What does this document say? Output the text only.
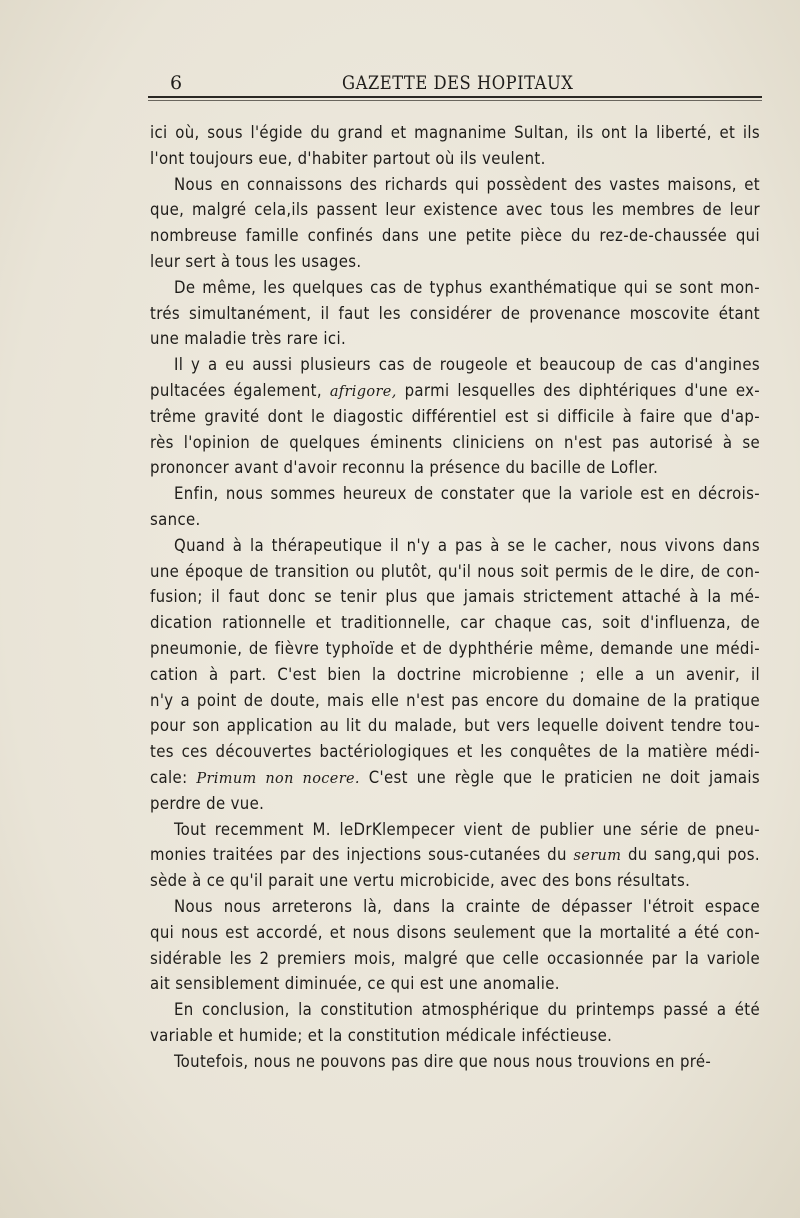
6	GAZETTE DES HOPITAUX
ici où, sous l'égide du grand et magnanime Sultan, ils ont la liberté, et ils
l'ont toujours eue, d'habiter partout où ils veulent.
Nous en connaissons des richards qui possèdent des vastes maisons, et
que, malgré cela,ils passent leur existence avec tous les membres de leur
nombreuse famille confinés dans une petite pièce du rez-de-chaussée qui
leur sert à tous les usages.
De même, les quelques cas de typhus exanthématique qui se sont mon-
trés simultanément, il faut les considérer de provenance moscovite étant
une maladie très rare ici.
Il y a eu aussi plusieurs cas de rougeole et beaucoup de cas d'angines
pultacées également, afrigore, parmi lesquelles des diphtériques d'une ex-
trême gravité dont le diagostic différentiel est si difficile à faire que d'ap-
rès l'opinion de quelques éminents cliniciens on n'est pas autorisé à se
prononcer avant d'avoir reconnu la présence du bacille de Lofler.
Enfin, nous sommes heureux de constater que la variole est en décrois-
sance.
Quand à la thérapeutique il n'y a pas à se le cacher, nous vivons dans
une époque de transition ou plutôt, qu'il nous soit permis de le dire, de con-
fusion; il faut donc se tenir plus que jamais strictement attaché à la mé-
dication rationnelle et traditionnelle, car chaque cas, soit d'influenza, de
pneumonie, de fièvre typhoïde et de dyphthérie même, demande une médi-
cation à part. C'est bien la doctrine microbienne ; elle a un avenir, il
n'y a point de doute, mais elle n'est pas encore du domaine de la pratique
pour son application au lit du malade, but vers lequelle doivent tendre tou-
tes ces découvertes bactériologiques et les conquêtes de la matière médi-
cale: Primum non nocere. C'est une règle que le praticien ne doit jamais
perdre de vue.
Tout recemment M. leDrKlempecer vient de publier une série de pneu-
monies traitées par des injections sous-cutanées du serum du sang,qui pos.
sède à ce qu'il parait une vertu microbicide, avec des bons résultats.
Nous nous arreterons là, dans la crainte de dépasser l'étroit espace
qui nous est accordé, et nous disons seulement que la mortalité a été con-
sidérable les 2 premiers mois, malgré que celle occasionnée par la variole
ait sensiblement diminuée, ce qui est une anomalie.
En conclusion, la constitution atmosphérique du printemps passé a été
variable et humide; et la constitution médicale inféctieuse.
Toutefois, nous ne pouvons pas dire que nous nous trouvions en pré-
